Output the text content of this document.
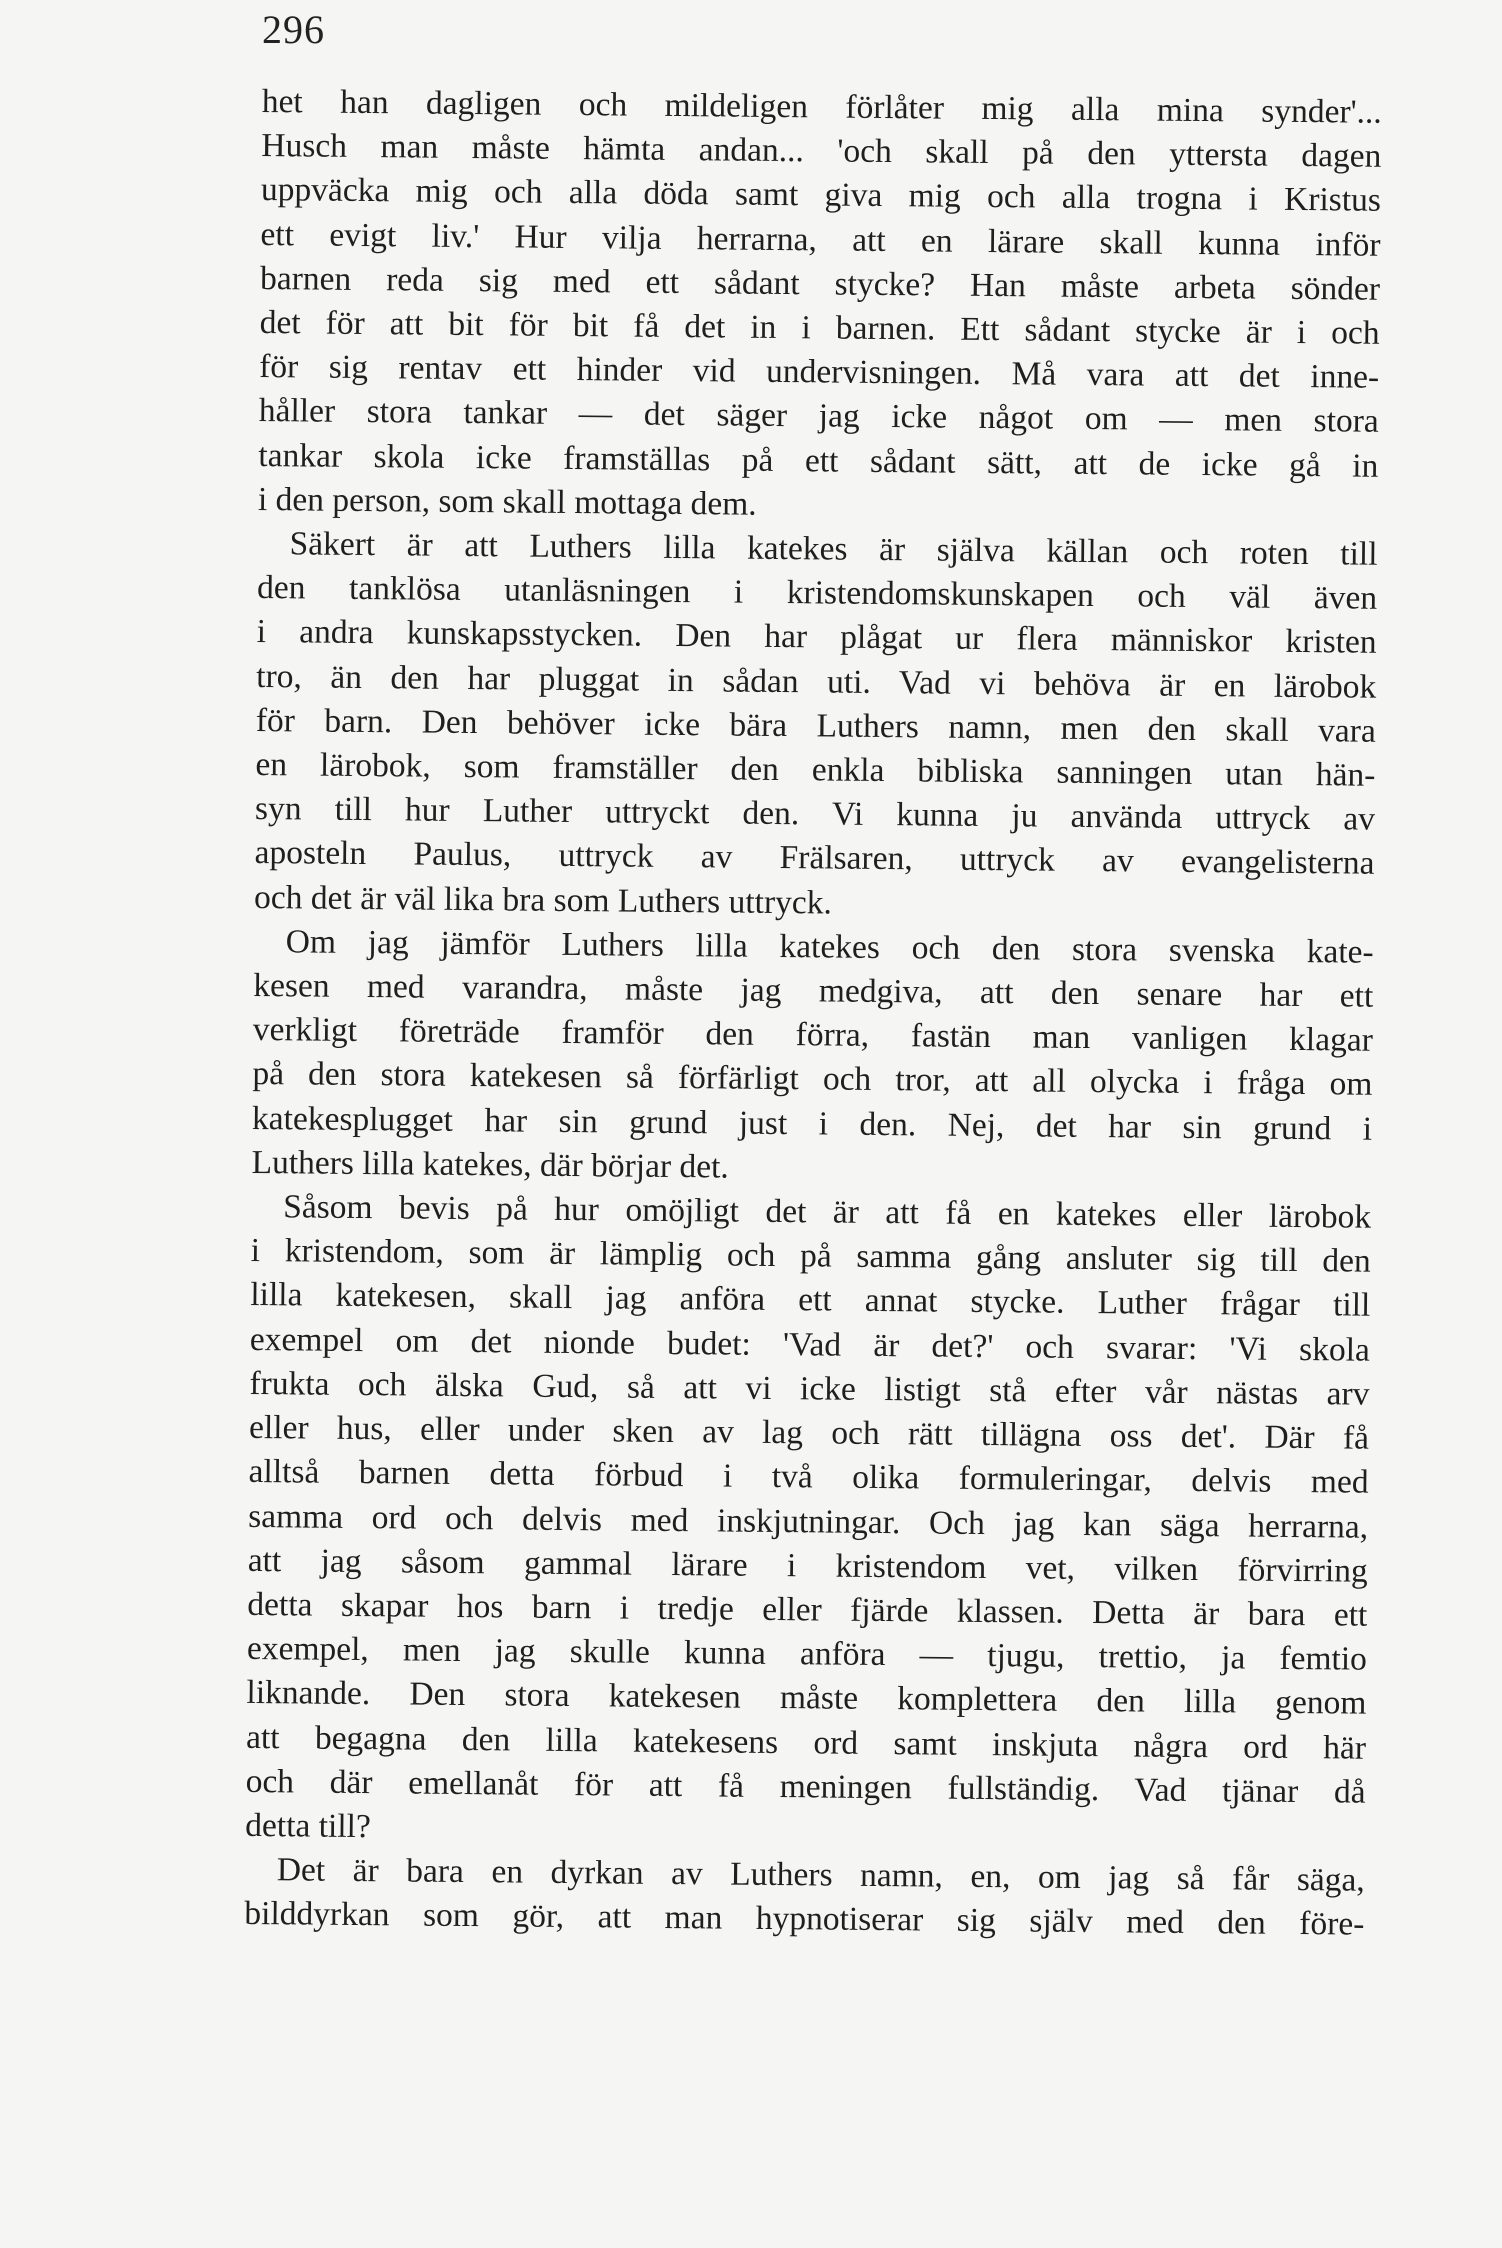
296
het han dagligen och mildeligen förlåter mig alla mina synder'...
Husch man måste hämta andan... 'och skall på den yttersta dagen
uppväcka mig och alla döda samt giva mig och alla trogna i Kristus
ett evigt liv.' Hur vilja herrarna, att en lärare skall kunna inför
barnen reda sig med ett sådant stycke? Han måste arbeta sönder
det för att bit för bit få det in i barnen. Ett sådant stycke är i och
för sig rentav ett hinder vid undervisningen. Må vara att det inne-
håller stora tankar — det säger jag icke något om — men stora
tankar skola icke framställas på ett sådant sätt, att de icke gå in
i den person, som skall mottaga dem.
Säkert är att Luthers lilla katekes är själva källan och roten till
den tanklösa utanläsningen i kristendomskunskapen och väl även
i andra kunskapsstycken. Den har plågat ur flera människor kristen
tro, än den har pluggat in sådan uti. Vad vi behöva är en lärobok
för barn. Den behöver icke bära Luthers namn, men den skall vara
en lärobok, som framställer den enkla bibliska sanningen utan hän-
syn till hur Luther uttryckt den. Vi kunna ju använda uttryck av
aposteln Paulus, uttryck av Frälsaren, uttryck av evangelisterna
och det är väl lika bra som Luthers uttryck.
Om jag jämför Luthers lilla katekes och den stora svenska kate-
kesen med varandra, måste jag medgiva, att den senare har ett
verkligt företräde framför den förra, fastän man vanligen klagar
på den stora katekesen så förfärligt och tror, att all olycka i fråga om
katekesplugget har sin grund just i den. Nej, det har sin grund i
Luthers lilla katekes, där börjar det.
Såsom bevis på hur omöjligt det är att få en katekes eller lärobok
i kristendom, som är lämplig och på samma gång ansluter sig till den
lilla katekesen, skall jag anföra ett annat stycke. Luther frågar till
exempel om det nionde budet: 'Vad är det?' och svarar: 'Vi skola
frukta och älska Gud, så att vi icke listigt stå efter vår nästas arv
eller hus, eller under sken av lag och rätt tillägna oss det'. Där få
alltså barnen detta förbud i två olika formuleringar, delvis med
samma ord och delvis med inskjutningar. Och jag kan säga herrarna,
att jag såsom gammal lärare i kristendom vet, vilken förvirring
detta skapar hos barn i tredje eller fjärde klassen. Detta är bara ett
exempel, men jag skulle kunna anföra — tjugu, trettio, ja femtio
liknande. Den stora katekesen måste komplettera den lilla genom
att begagna den lilla katekesens ord samt inskjuta några ord här
och där emellanåt för att få meningen fullständig. Vad tjänar då
detta till?
Det är bara en dyrkan av Luthers namn, en, om jag så får säga,
bilddyrkan som gör, att man hypnotiserar sig själv med den före-
